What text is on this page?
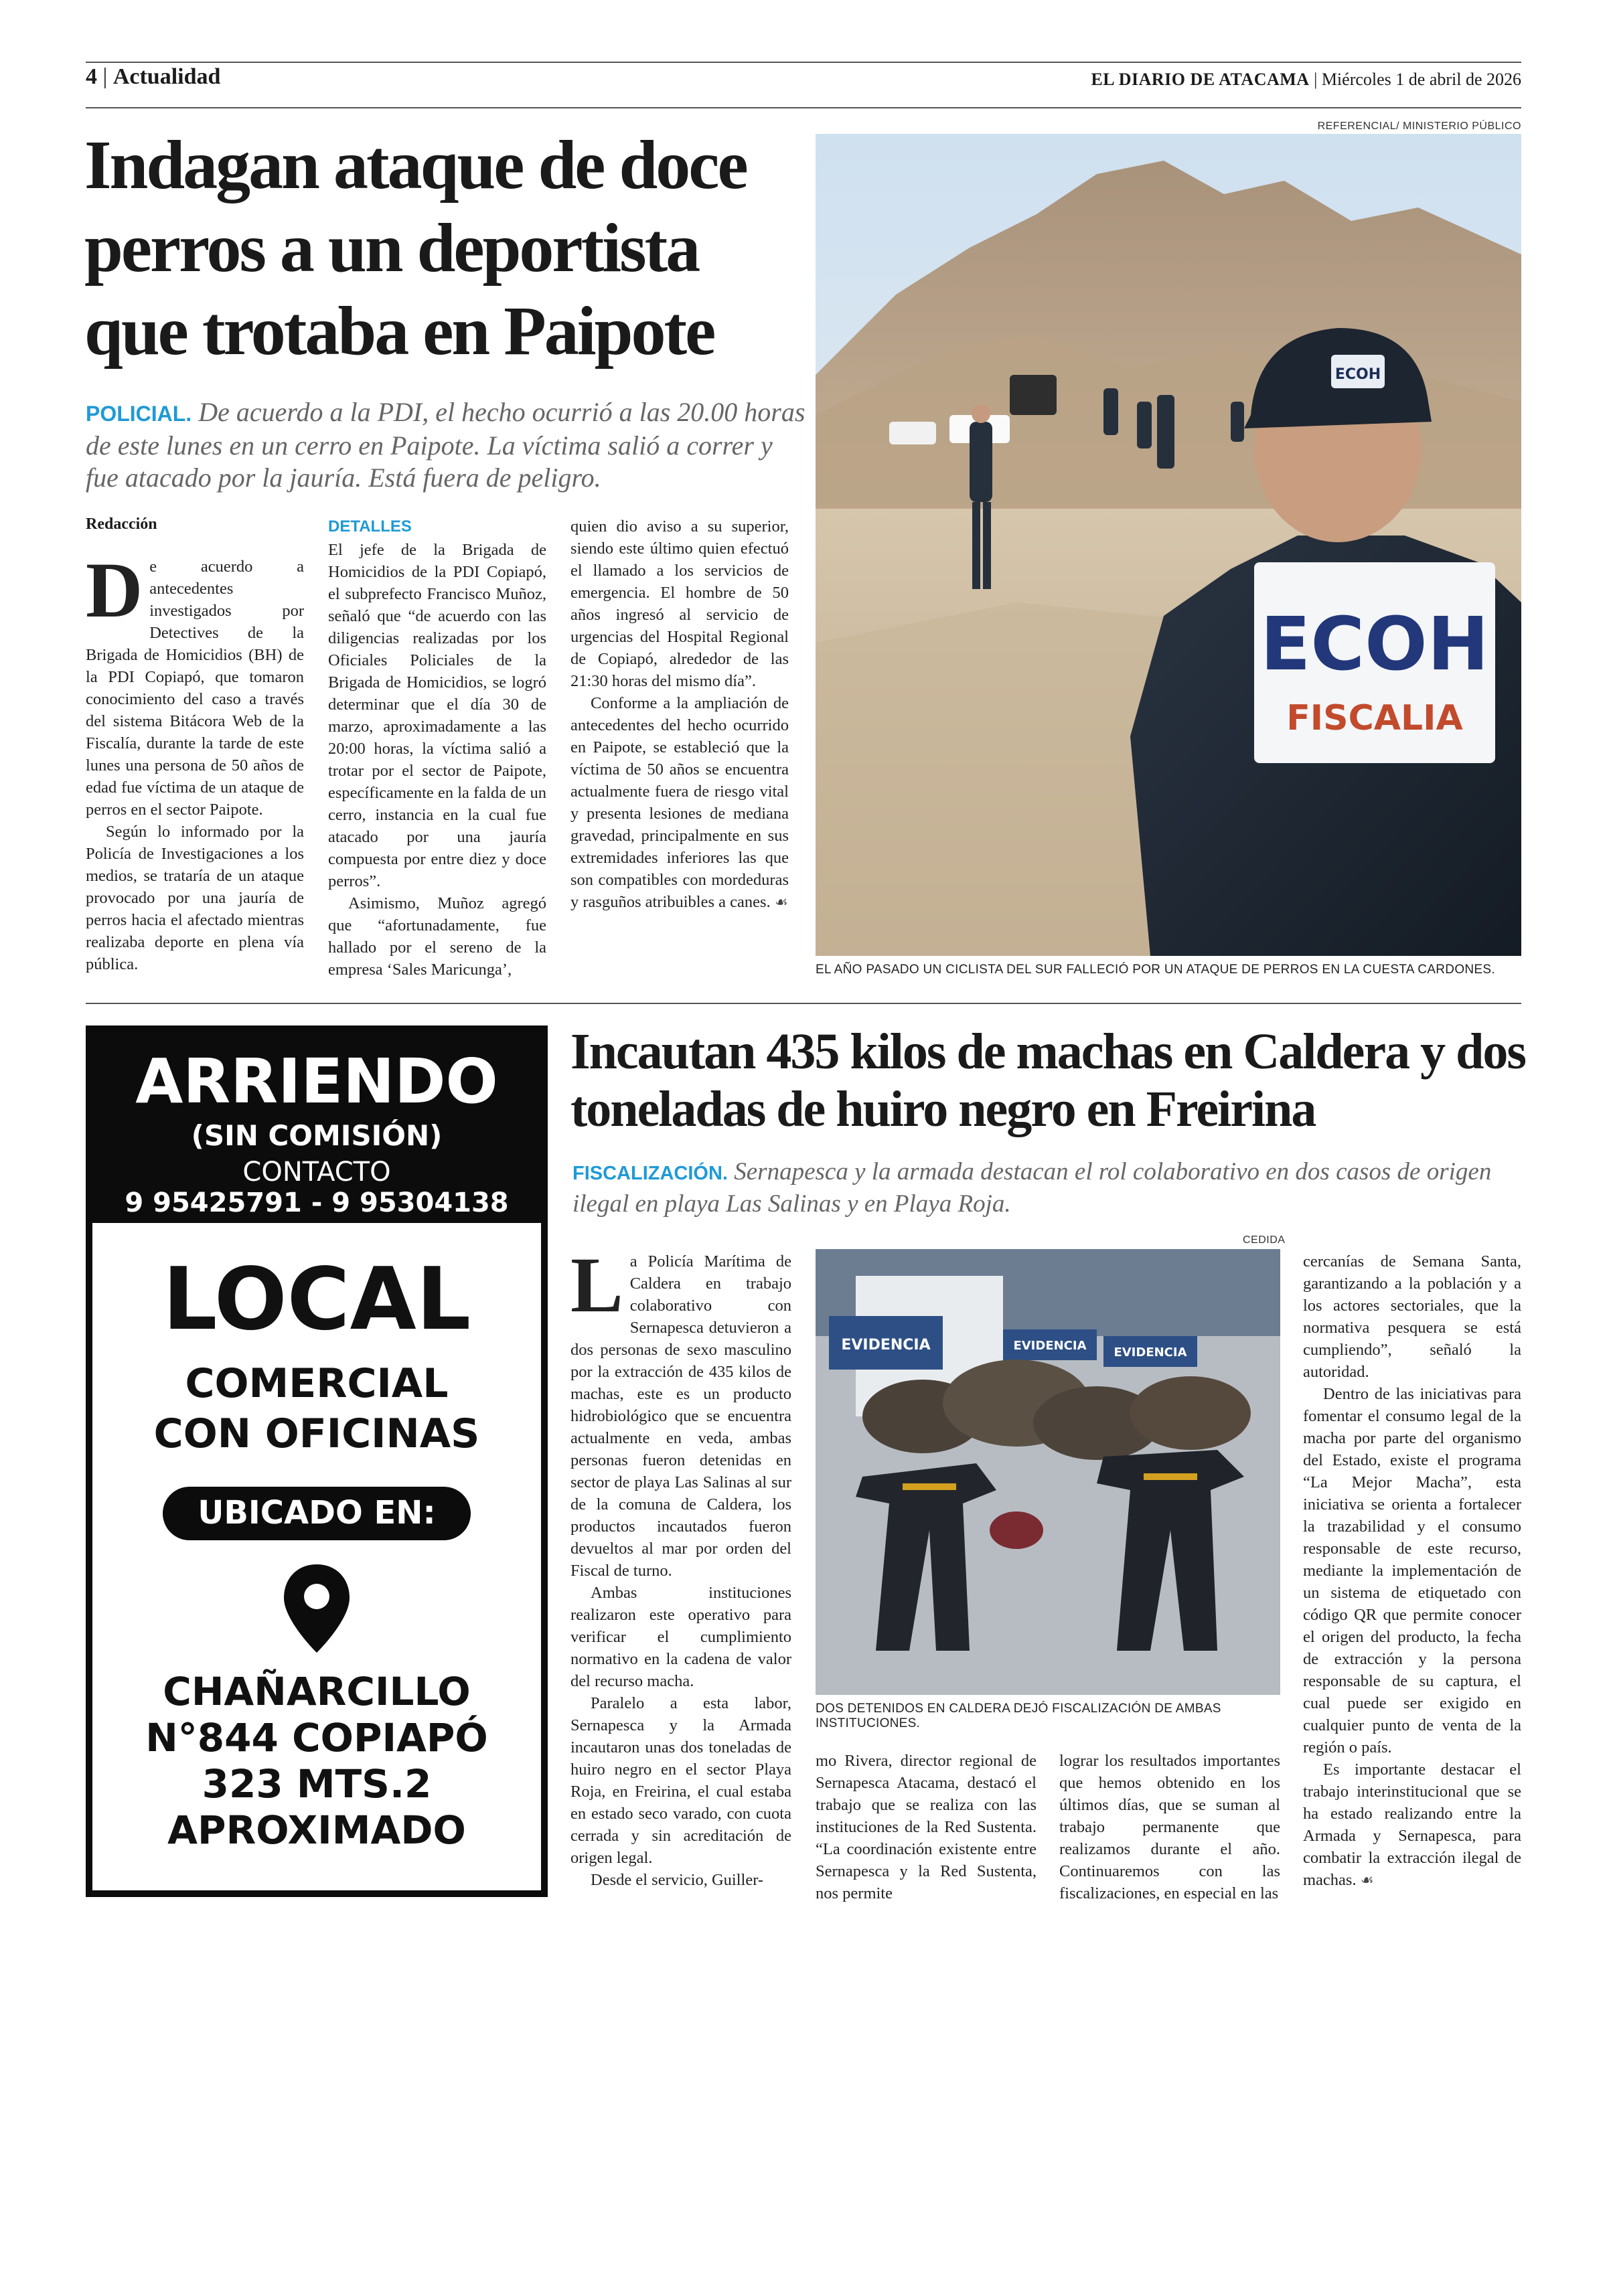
4 | Actualidad	EL DIARIO DE ATACAMA | Miércoles 1 de abril de 2026
Indagan ataque de doce perros a un deportista que trotaba en Paipote
POLICIAL. De acuerdo a la PDI, el hecho ocurrió a las 20.00 horas de este lunes en un cerro en Paipote. La víctima salió a correr y fue atacado por la jauría. Está fuera de peligro.
Redacción

De acuerdo a antecedentes investigados por Detectives de la Brigada de Homicidios (BH) de la PDI Copiapó, que tomaron conocimiento del caso a través del sistema Bitácora Web de la Fiscalía, durante la tarde de este lunes una persona de 50 años de edad fue víctima de un ataque de perros en el sector Paipote.

Según lo informado por la Policía de Investigaciones a los medios, se trataría de un ataque provocado por una jauría de perros hacia el afectado mientras realizaba deporte en plena vía pública.

DETALLES

El jefe de la Brigada de Homicidios de la PDI Copiapó, el subprefecto Francisco Muñoz, señaló que “de acuerdo con las diligencias realizadas por los Oficiales Policiales de la Brigada de Homicidios, se logró determinar que el día 30 de marzo, aproximadamente a las 20:00 horas, la víctima salió a trotar por el sector de Paipote, específicamente en la falda de un cerro, instancia en la cual fue atacado por una jauría compuesta por entre diez y doce perros”.

Asimismo, Muñoz agregó que “afortunadamente, fue hallado por el sereno de la empresa ‘Sales Maricunga’,

quien dio aviso a su superior, siendo este último quien efectuó el llamado a los servicios de emergencia. El hombre de 50 años ingresó al servicio de urgencias del Hospital Regional de Copiapó, alrededor de las 21:30 horas del mismo día”.

Conforme a la ampliación de antecedentes del hecho ocurrido en Paipote, se estableció que la víctima de 50 años se encuentra actualmente fuera de riesgo vital y presenta lesiones de mediana gravedad, principalmente en sus extremidades inferiores las que son compatibles con mordeduras y rasguños atribuibles a canes. ☙

REFERENCIAL/ MINISTERIO PÚBLICO
ECOH
ECOH
FISCALIA
EL AÑO PASADO UN CICLISTA DEL SUR FALLECIÓ POR UN ATAQUE DE PERROS EN LA CUESTA CARDONES.
ARRIENDO
(SIN COMISIÓN)
CONTACTO
9 95425791 - 9 95304138
LOCAL
COMERCIAL
CON OFICINAS
UBICADO EN:
CHAÑARCILLO
N°844 COPIAPÓ
323 MTS.2
APROXIMADO
Incautan 435 kilos de machas en Caldera y dos toneladas de huiro negro en Freirina
FISCALIZACIÓN. Sernapesca y la armada destacan el rol colaborativo en dos casos de origen ilegal en playa Las Salinas y en Playa Roja.

La Policía Marítima de Caldera en trabajo colaborativo con Sernapesca detuvieron a dos personas de sexo masculino por la extracción de 435 kilos de machas, este es un producto hidrobiológico que se encuentra actualmente en veda, ambas personas fueron detenidas en sector de playa Las Salinas al sur de la comuna de Caldera, los productos incautados fueron devueltos al mar por orden del Fiscal de turno.

Ambas instituciones realizaron este operativo para verificar el cumplimiento normativo en la cadena de valor del recurso macha.

Paralelo a esta labor, Sernapesca y la Armada incautaron unas dos toneladas de huiro negro en el sector Playa Roja, en Freirina, el cual estaba en estado seco varado, con cuota cerrada y sin acreditación de origen legal.

Desde el servicio, Guiller-

CEDIDA
EVIDENCIA	EVIDENCIA EVIDENCIA
DOS DETENIDOS EN CALDERA DEJÓ FISCALIZACIÓN DE AMBAS INSTITUCIONES.

mo Rivera, director regional de Sernapesca Atacama, destacó el trabajo que se realiza con las instituciones de la Red Sustenta. “La coordinación existente entre Sernapesca y la Red Sustenta, nos permite

lograr los resultados importantes que hemos obtenido en los últimos días, que se suman al trabajo permanente que realizamos durante el año. Continuaremos con las fiscalizaciones, en especial en las

cercanías de Semana Santa, garantizando a la población y a los actores sectoriales, que la normativa pesquera se está cumpliendo”, señaló la autoridad.

Dentro de las iniciativas para fomentar el consumo legal de la macha por parte del organismo del Estado, existe el programa “La Mejor Macha”, esta iniciativa se orienta a fortalecer la trazabilidad y el consumo responsable de este recurso, mediante la implementación de un sistema de etiquetado con código QR que permite conocer el origen del producto, la fecha de extracción y la persona responsable de su captura, el cual puede ser exigido en cualquier punto de venta de la región o país.

Es importante destacar el trabajo interinstitucional que se ha estado realizando entre la Armada y Sernapesca, para combatir la extracción ilegal de machas. ☙
